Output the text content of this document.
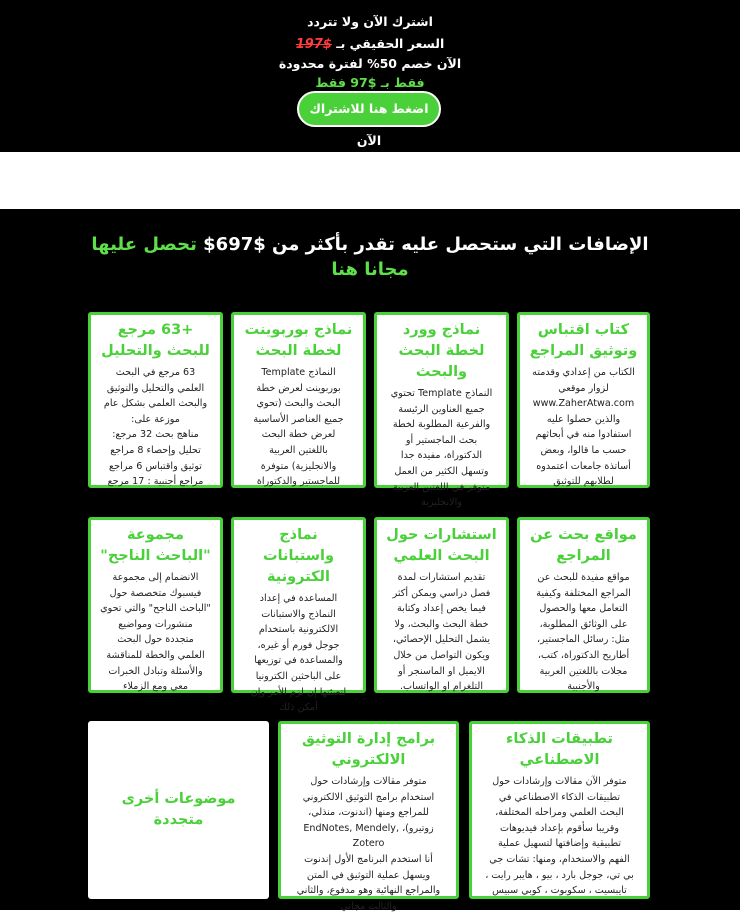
اشترك الآن ولا تتردد
السعر الحقيقي بـ $197
الآن خصم 50% لفترة محدودة
فقط بـ $97 فقط
اضغط هنا للاشتراك الآن
الإضافات التي ستحصل عليه تقدر بأكثر من $697$ تحصل عليها
مجانا هنا
كتاب اقتباس وتوثيق المراجع

الكتاب من إعدادي وقدمته
لزوار موقعي
www.ZaherAtwa.com
والذين حصلوا عليه
استفادوا منه في أبحاثهم
حسب ما قالوا، وبعض
أساتذة جامعات اعتمدوه
لطلابهم للتوثيق

نماذج وورد لخطة البحث والبحث

النماذج Template تحتوي
جميع العناوين الرئيسة
والفرعية المطلوبة لخطة
بحث الماجستير أو
الدكتوراة، مفيدة جدا
وتسهل الكثير من العمل
متوفر في اللغتين العربية
والانجليزية

نماذج بوربوينت لخطة البحث

النماذج Template
بوربوينت لعرض خطة
البحث والبحث (تحوي
جميع العناصر الأساسية
لعرض خطة البحث
باللغتين العربية
والانجليزية) متوفرة
للماجستير والدكتوراة

+63 مرجع للبحث والتحليل

63 مرجع في البحث
العلمي والتحليل والتوثيق
والبحث العلمي بشكل عام
موزعة على:
مناهج بحث 32 مرجع:
تحليل وإحصاء 8 مراجع
توثيق واقتباس 6 مراجع
مراجع أجنبية : 17 مرجع

مواقع بحث عن المراجع

مواقع مفيدة للبحث عن
المراجع المختلفة وكيفية
التعامل معها والحصول
على الوثائق المطلوبة،
مثل: رسائل الماجستير،
أطاريح الدكتوراة، كتب،
مجلات باللغتين العربية
والأجنبية

استشارات حول البحث العلمي

تقديم استشارات لمدة
فصل دراسي ويمكن أكثر
فيما يخص إعداد وكتابة
خطة البحث والبحث، ولا
يشمل التحليل الإحصائي،
ويكون التواصل من خلال
الايميل او الماسنجر أو
التلغرام او الواتساب.

نماذج واستبانات الكترونية

المساعدة في إعداد
النماذج والاستبانات
الالكترونية باستخدام
جوجل فورم أو غيره،
والمساعدة في توزيعها
على الباحثين الكترونيا
لتعبئتها إن لزم الأمر وإن
أمكن ذلك

مجموعة "الباحث الناجح"

الانضمام إلى مجموعة
فيسبوك متخصصة حول
"الباحث الناجح" والتي تحوي
منشورات ومواضيع
متجددة حول البحث
العلمي والخطة للمناقشة
والأسئلة وتبادل الخبرات
معي ومع الزملاء

تطبيقات الذكاء الاصطناعي

متوفر الآن مقالات وإرشادات حول
تطبيقات الذكاء الاصطناعي في
البحث العلمي ومراحله المختلفة،
وقريبا سأقوم بإعداد فيديوهات
تطبيقية وإضافتها لتسهيل عملية
الفهم والاستخدام، ومنها: تشات جي
بي تي، جوجل بارد ، بيو ، هايبر رايت ،
تايبسيت ، سكوبوت ، كوبي سبيس

برامج إدارة التوثيق الالكتروني

متوفر مقالات وإرشادات حول
استخدام برامج التوثيق الالكتروني
للمراجع ومنها (اندنوت، منذلي،
زوتيرو)، EndNotes, Mendely, Zotero
أنا استخدم البرنامج الأول إندنوت
ويسهل عملية التوثيق في المتن
والمراجع النهائية وهو مدفوع، والثاني
والثالث مجاني

موضوعات أخرى متجددة
